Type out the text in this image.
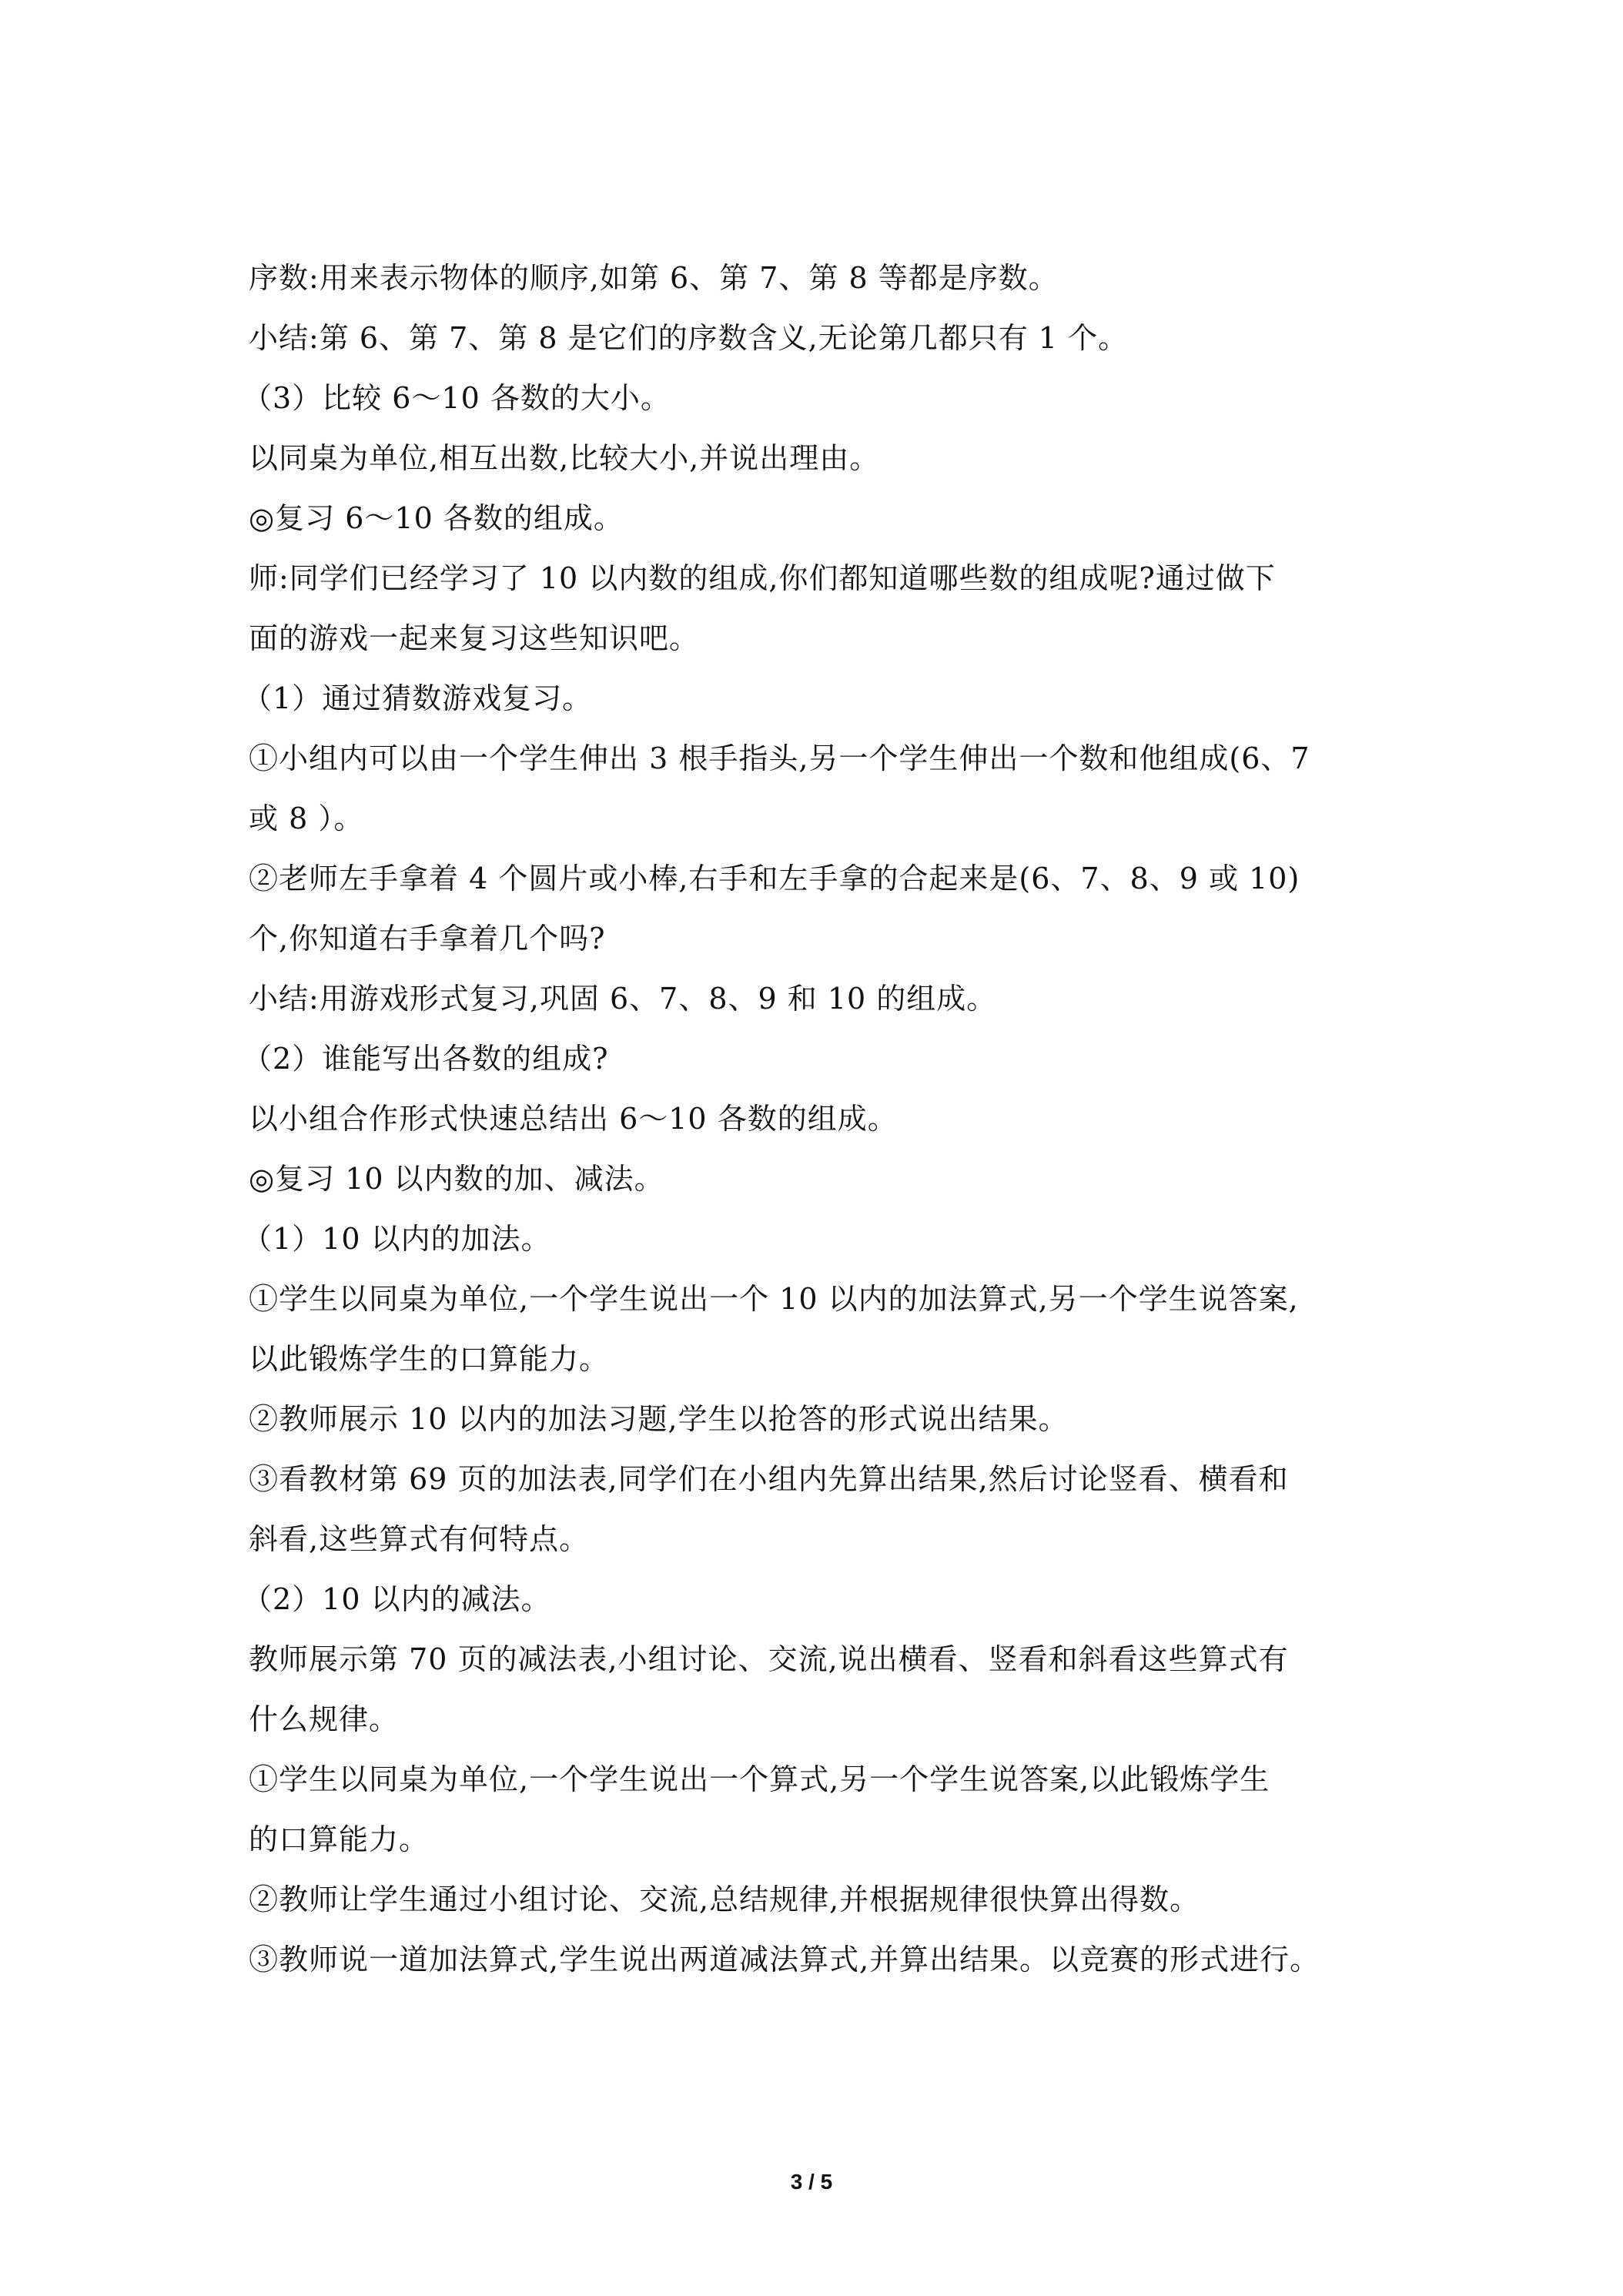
序数:用来表示物体的顺序,如第 6、第 7、第 8 等都是序数。
小结:第 6、第 7、第 8 是它们的序数含义,无论第几都只有 1 个。
（3）比较 6～10 各数的大小。
以同桌为单位,相互出数,比较大小,并说出理由。
◎复习 6～10 各数的组成。
师:同学们已经学习了 10 以内数的组成,你们都知道哪些数的组成呢?通过做下
面的游戏一起来复习这些知识吧。
（1）通过猜数游戏复习。
①小组内可以由一个学生伸出 3 根手指头,另一个学生伸出一个数和他组成(6、7
或 8 ）。
②老师左手拿着 4 个圆片或小棒,右手和左手拿的合起来是(6、7、8、9 或 10)
个,你知道右手拿着几个吗?
小结:用游戏形式复习,巩固 6、7、8、9 和 10 的组成。
（2）谁能写出各数的组成?
以小组合作形式快速总结出 6～10 各数的组成。
◎复习 10 以内数的加、减法。
（1）10 以内的加法。
①学生以同桌为单位,一个学生说出一个 10 以内的加法算式,另一个学生说答案,
以此锻炼学生的口算能力。
②教师展示 10 以内的加法习题,学生以抢答的形式说出结果。
③看教材第 69 页的加法表,同学们在小组内先算出结果,然后讨论竖看、横看和
斜看,这些算式有何特点。
（2）10 以内的减法。
教师展示第 70 页的减法表,小组讨论、交流,说出横看、竖看和斜看这些算式有
什么规律。
①学生以同桌为单位,一个学生说出一个算式,另一个学生说答案,以此锻炼学生
的口算能力。
②教师让学生通过小组讨论、交流,总结规律,并根据规律很快算出得数。
③教师说一道加法算式,学生说出两道减法算式,并算出结果。以竞赛的形式进行。
3 / 5
